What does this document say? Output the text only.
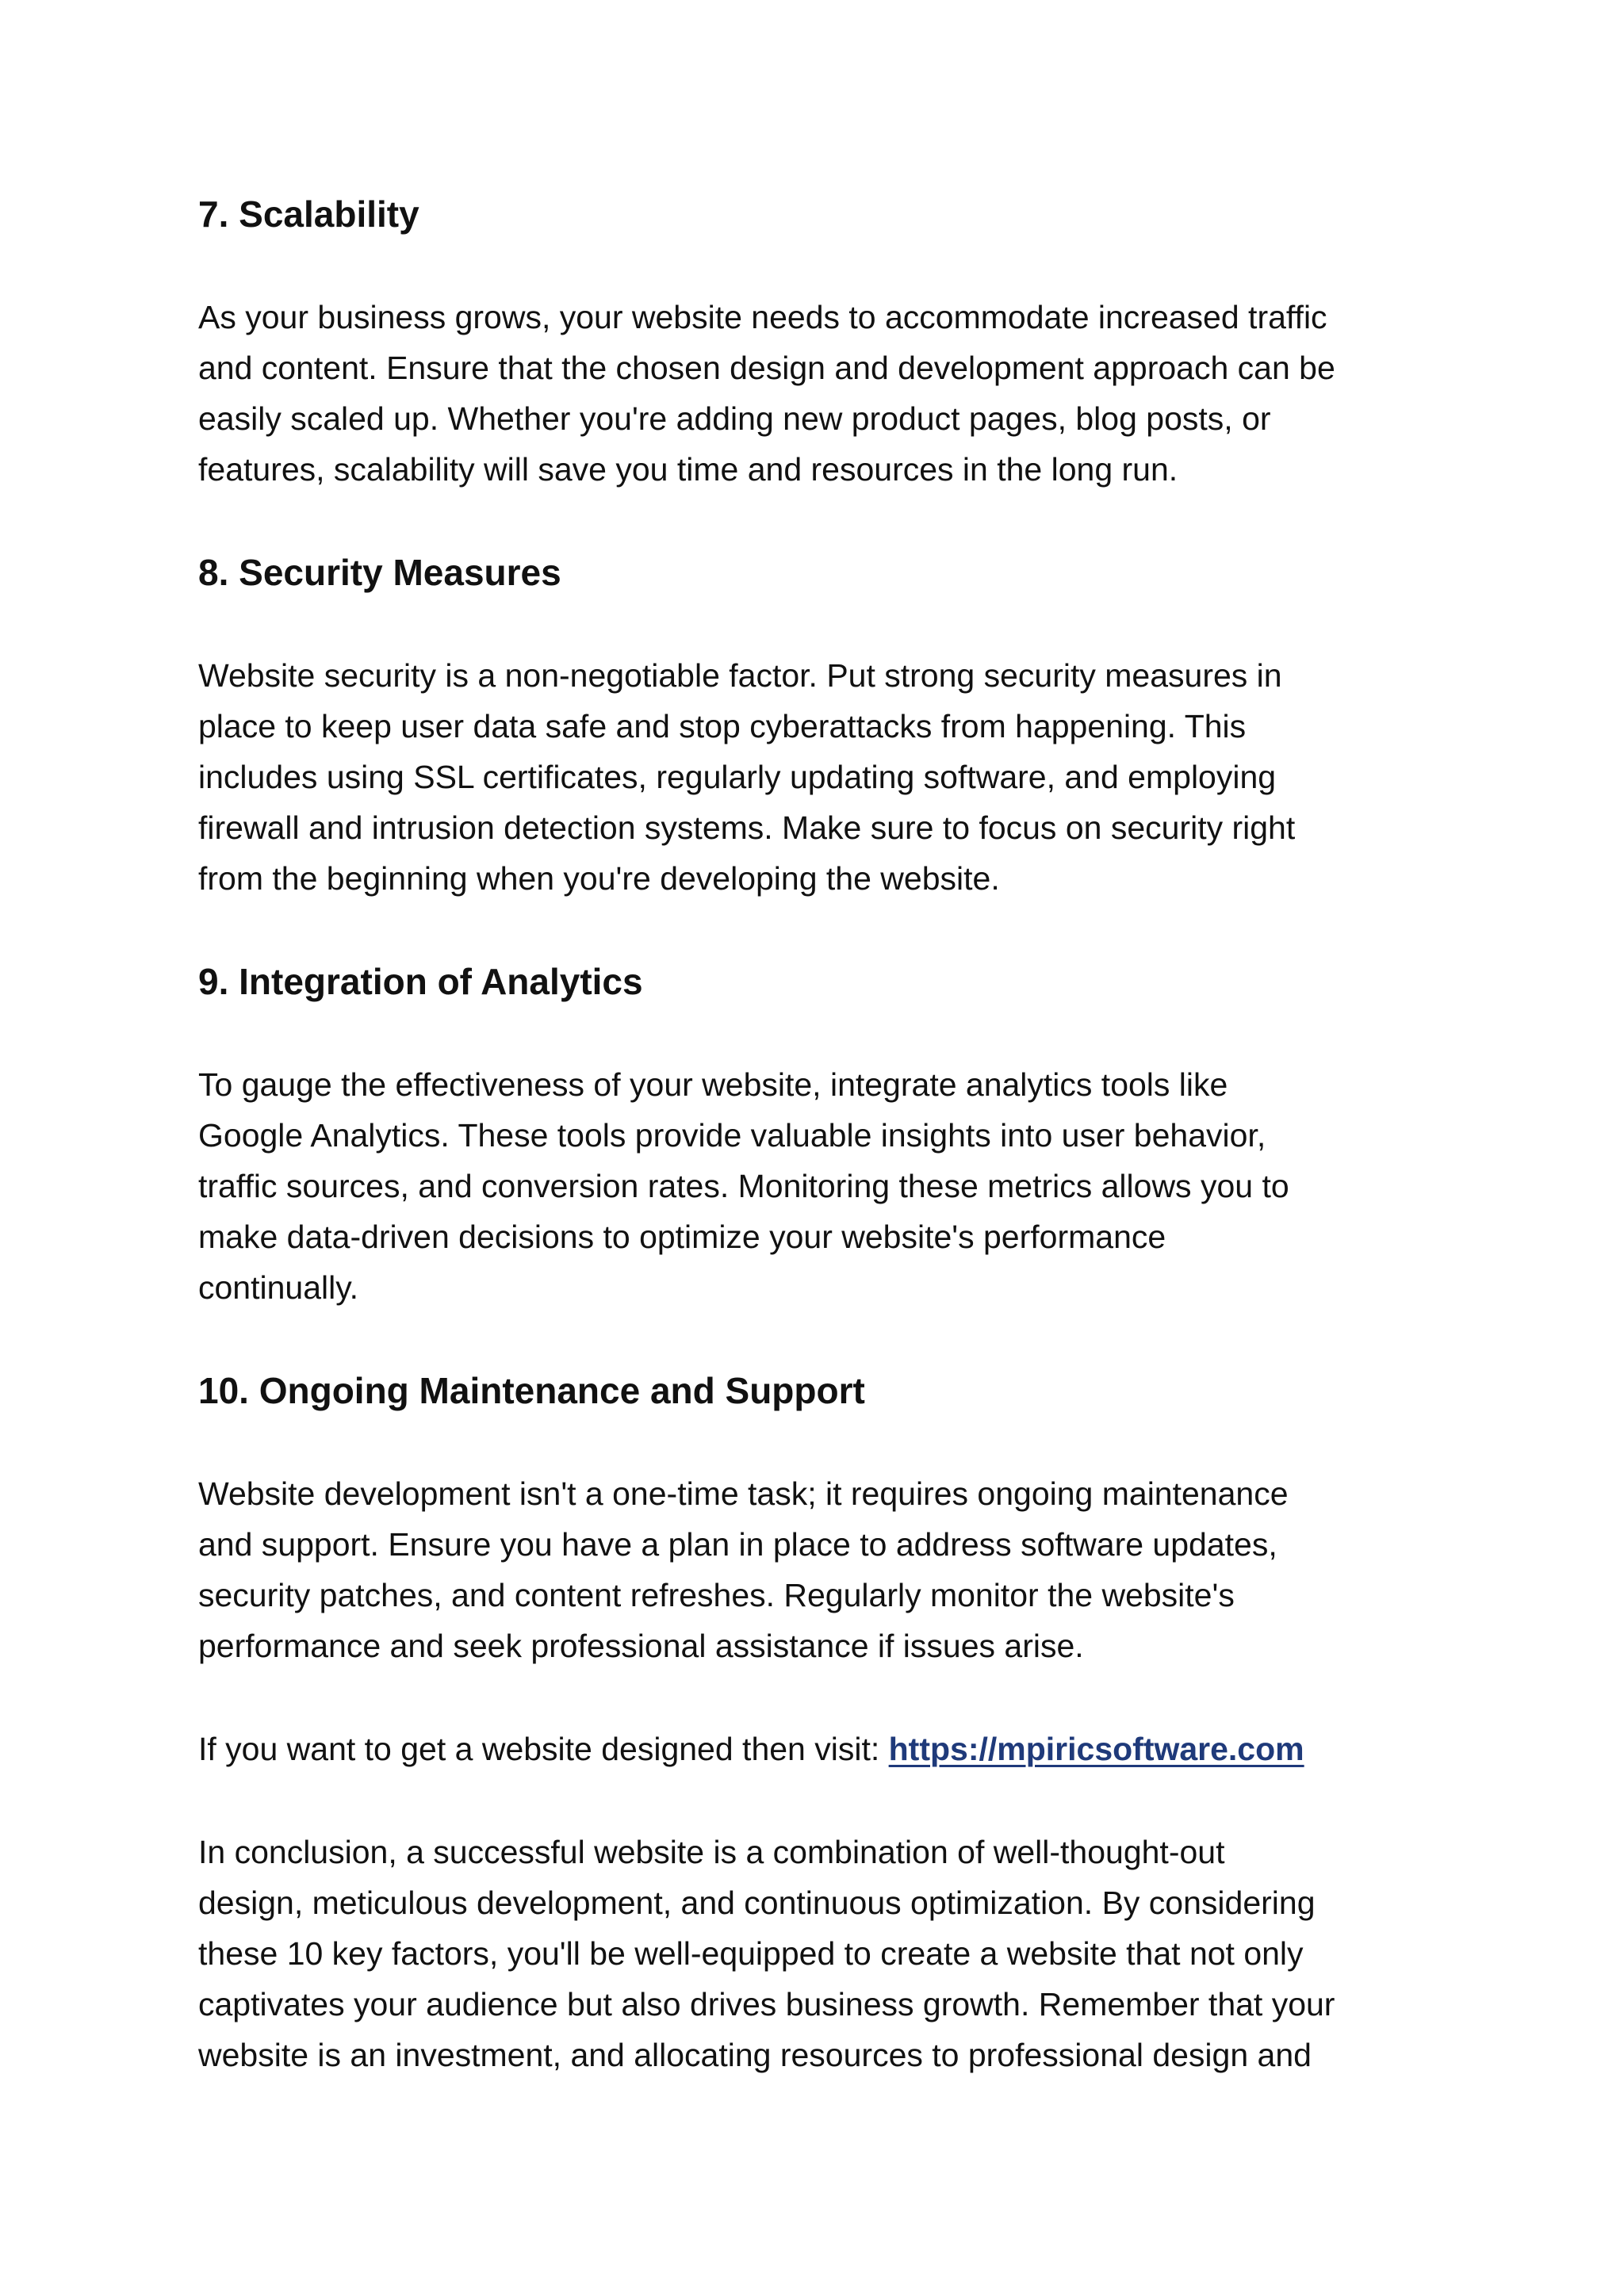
7. Scalability

As your business grows, your website needs to accommodate increased traffic
and content. Ensure that the chosen design and development approach can be
easily scaled up. Whether you're adding new product pages, blog posts, or
features, scalability will save you time and resources in the long run.

8. Security Measures

Website security is a non-negotiable factor. Put strong security measures in
place to keep user data safe and stop cyberattacks from happening. This
includes using SSL certificates, regularly updating software, and employing
firewall and intrusion detection systems. Make sure to focus on security right
from the beginning when you're developing the website.

9. Integration of Analytics

To gauge the effectiveness of your website, integrate analytics tools like
Google Analytics. These tools provide valuable insights into user behavior,
traffic sources, and conversion rates. Monitoring these metrics allows you to
make data-driven decisions to optimize your website's performance
continually.

10. Ongoing Maintenance and Support

Website development isn't a one-time task; it requires ongoing maintenance
and support. Ensure you have a plan in place to address software updates,
security patches, and content refreshes. Regularly monitor the website's
performance and seek professional assistance if issues arise.

If you want to get a website designed then visit: https://mpiricsoftware.com

In conclusion, a successful website is a combination of well-thought-out
design, meticulous development, and continuous optimization. By considering
these 10 key factors, you'll be well-equipped to create a website that not only
captivates your audience but also drives business growth. Remember that your
website is an investment, and allocating resources to professional design and
